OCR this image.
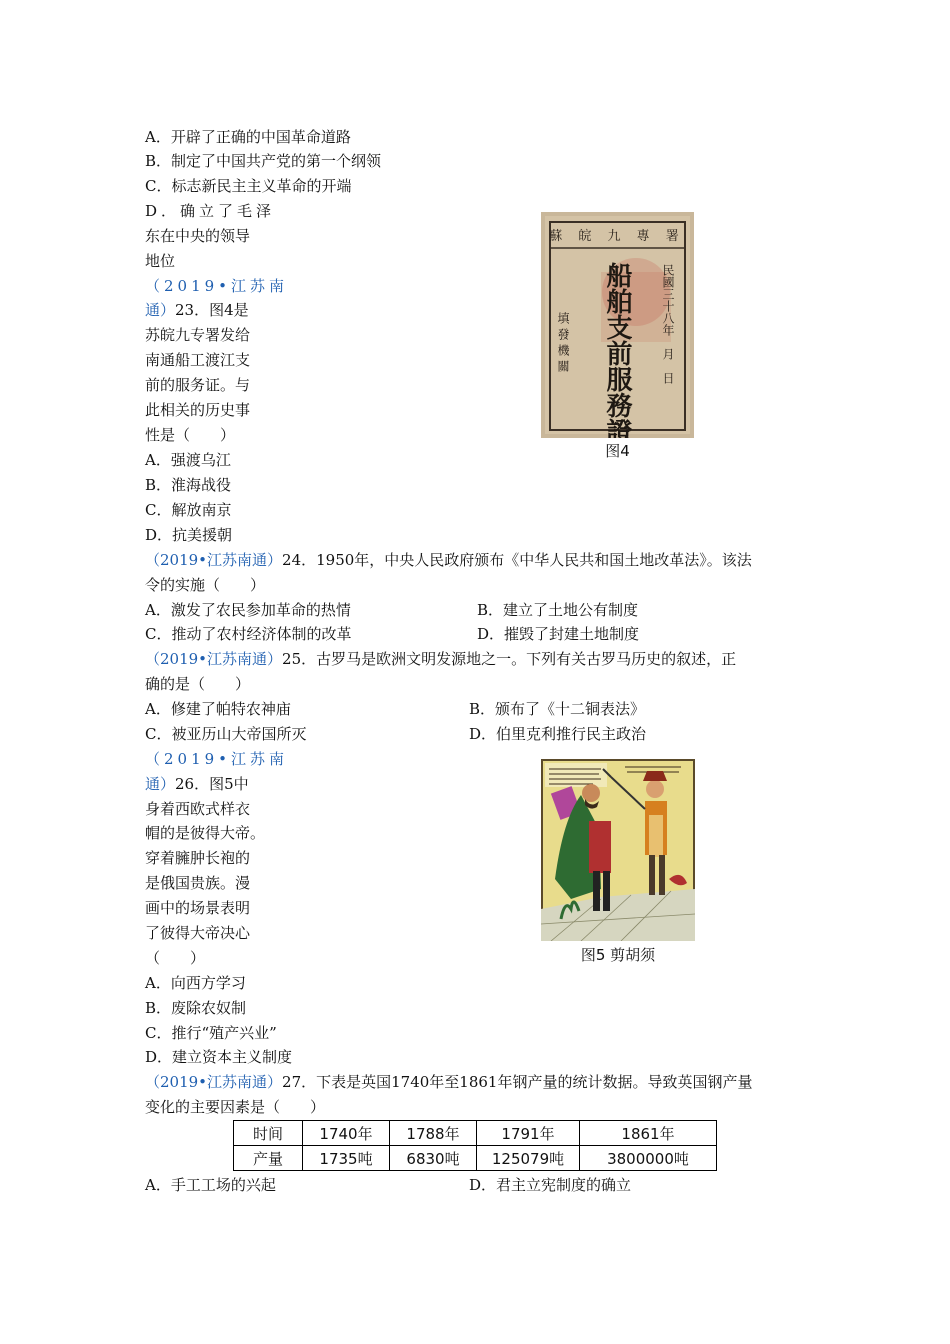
A．开辟了正确的中国革命道路
B．制定了中国共产党的第一个纲领
C．标志新民主主义革命的开端
D．确立了毛泽
东在中央的领导
地位
（2019•江苏南
通）23．图4是
苏皖九专署发给
南通船工渡江支
前的服务证。与
此相关的历史事
性是（　　）
A．强渡乌江
B．淮海战役
C．解放南京
D．抗美援朝
蘇 皖 九 專 署
民國三十八年　月　日
船舶支前服務證
填發機關
图4
（2019•江苏南通）24．1950年，中央人民政府颁布《中华人民共和国土地改革法》。该法
令的实施（　　）
A．激发了农民参加革命的热情	B．建立了土地公有制度
C．推动了农村经济体制的改革	D．摧毁了封建土地制度
（2019•江苏南通）25．古罗马是欧洲文明发源地之一。下列有关古罗马历史的叙述，正
确的是（　　）
A．修建了帕特农神庙	B．颁布了《十二铜表法》
C．被亚历山大帝国所灭	D．伯里克利推行民主政治
（2019•江苏南
通）26．图5中
身着西欧式样衣
帽的是彼得大帝。
穿着臃肿长袍的
是俄国贵族。漫
画中的场景表明
了彼得大帝决心
（　　）
A．向西方学习
B．废除农奴制
C．推行“殖产兴业”
D．建立资本主义制度
图5 剪胡须
（2019•江苏南通）27．下表是英国1740年至1861年钢产量的统计数据。导致英国钢产量
变化的主要因素是（　　）
时间	1740年	1788年	1791年	1861年
产量	1735吨	6830吨	125079吨	3800000吨
A．手工工场的兴起	D．君主立宪制度的确立
